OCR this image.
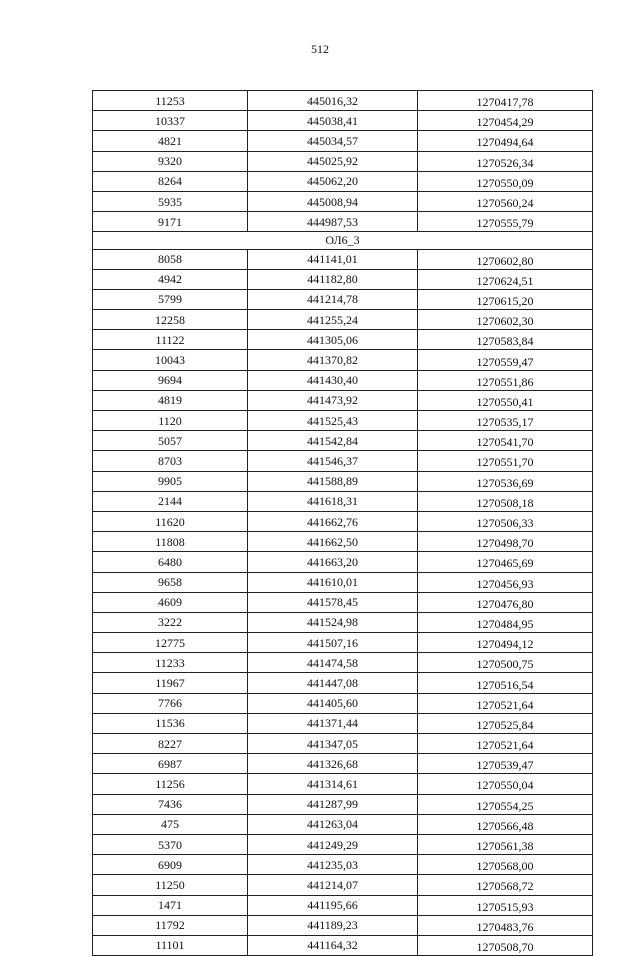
512
11253	445016,32	1270417,78
10337	445038,41	1270454,29
4821	445034,57	1270494,64
9320	445025,92	1270526,34
8264	445062,20	1270550,09
5935	445008,94	1270560,24
9171	444987,53	1270555,79
ОЛ6_3		
8058	441141,01	1270602,80
4942	441182,80	1270624,51
5799	441214,78	1270615,20
12258	441255,24	1270602,30
11122	441305,06	1270583,84
10043	441370,82	1270559,47
9694	441430,40	1270551,86
4819	441473,92	1270550,41
1120	441525,43	1270535,17
5057	441542,84	1270541,70
8703	441546,37	1270551,70
9905	441588,89	1270536,69
2144	441618,31	1270508,18
11620	441662,76	1270506,33
11808	441662,50	1270498,70
6480	441663,20	1270465,69
9658	441610,01	1270456,93
4609	441578,45	1270476,80
3222	441524,98	1270484,95
12775	441507,16	1270494,12
11233	441474,58	1270500,75
11967	441447,08	1270516,54
7766	441405,60	1270521,64
11536	441371,44	1270525,84
8227	441347,05	1270521,64
6987	441326,68	1270539,47
11256	441314,61	1270550,04
7436	441287,99	1270554,25
475	441263,04	1270566,48
5370	441249,29	1270561,38
6909	441235,03	1270568,00
11250	441214,07	1270568,72
1471	441195,66	1270515,93
11792	441189,23	1270483,76
11101	441164,32	1270508,70
